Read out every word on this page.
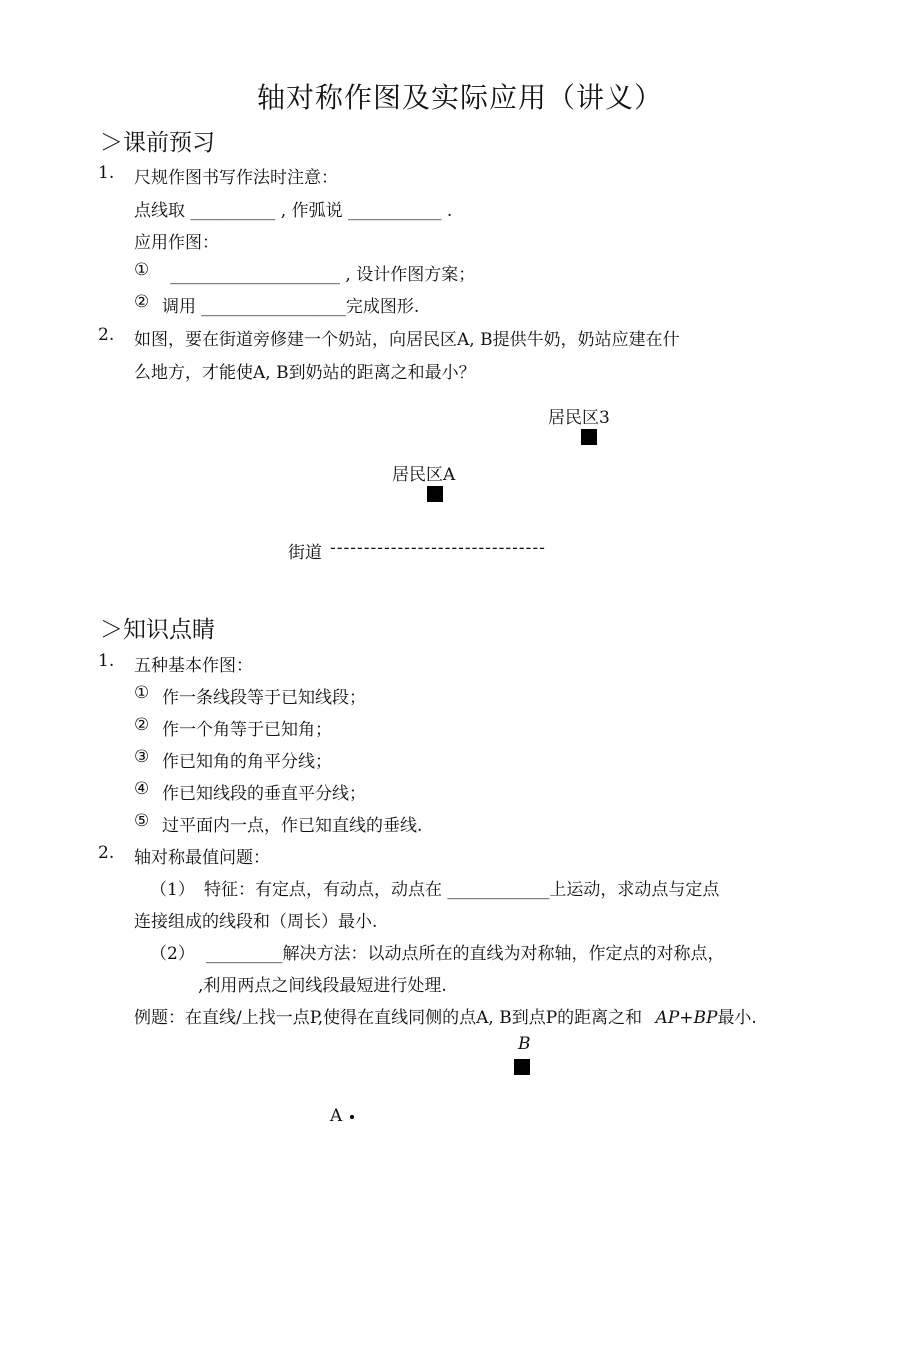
轴对称作图及实际应用（讲义）
＞课前预习
1. 尺规作图书写作法时注意：
点线取 __________ , 作弧说 ___________ .
应用作图：
① ____________________ , 设计作图方案；
② 调用 _________________完成图形.
2. 如图，要在街道旁修建一个奶站，向居民区A, B提供牛奶，奶站应建在什
么地方，才能使A, B到奶站的距离之和最小？
居民区3
居民区A
街道 --------------------------------
＞知识点睛
1. 五种基本作图：
① 作一条线段等于已知线段；
② 作一个角等于已知角；
③ 作已知角的角平分线；
④ 作已知线段的垂直平分线；
⑤ 过平面内一点，作已知直线的垂线.
2. 轴对称最值问题：
（1） 特征：有定点，有动点，动点在 ____________上运动，求动点与定点
连接组成的线段和（周长）最小.
（2） _________解决方法：以动点所在的直线为对称轴，作定点的对称点，
,利用两点之间线段最短进行处理.
例题：在直线/上找一点P,使得在直线同侧的点A, B到点P的距离之和 AP+BP最小.
B
A
